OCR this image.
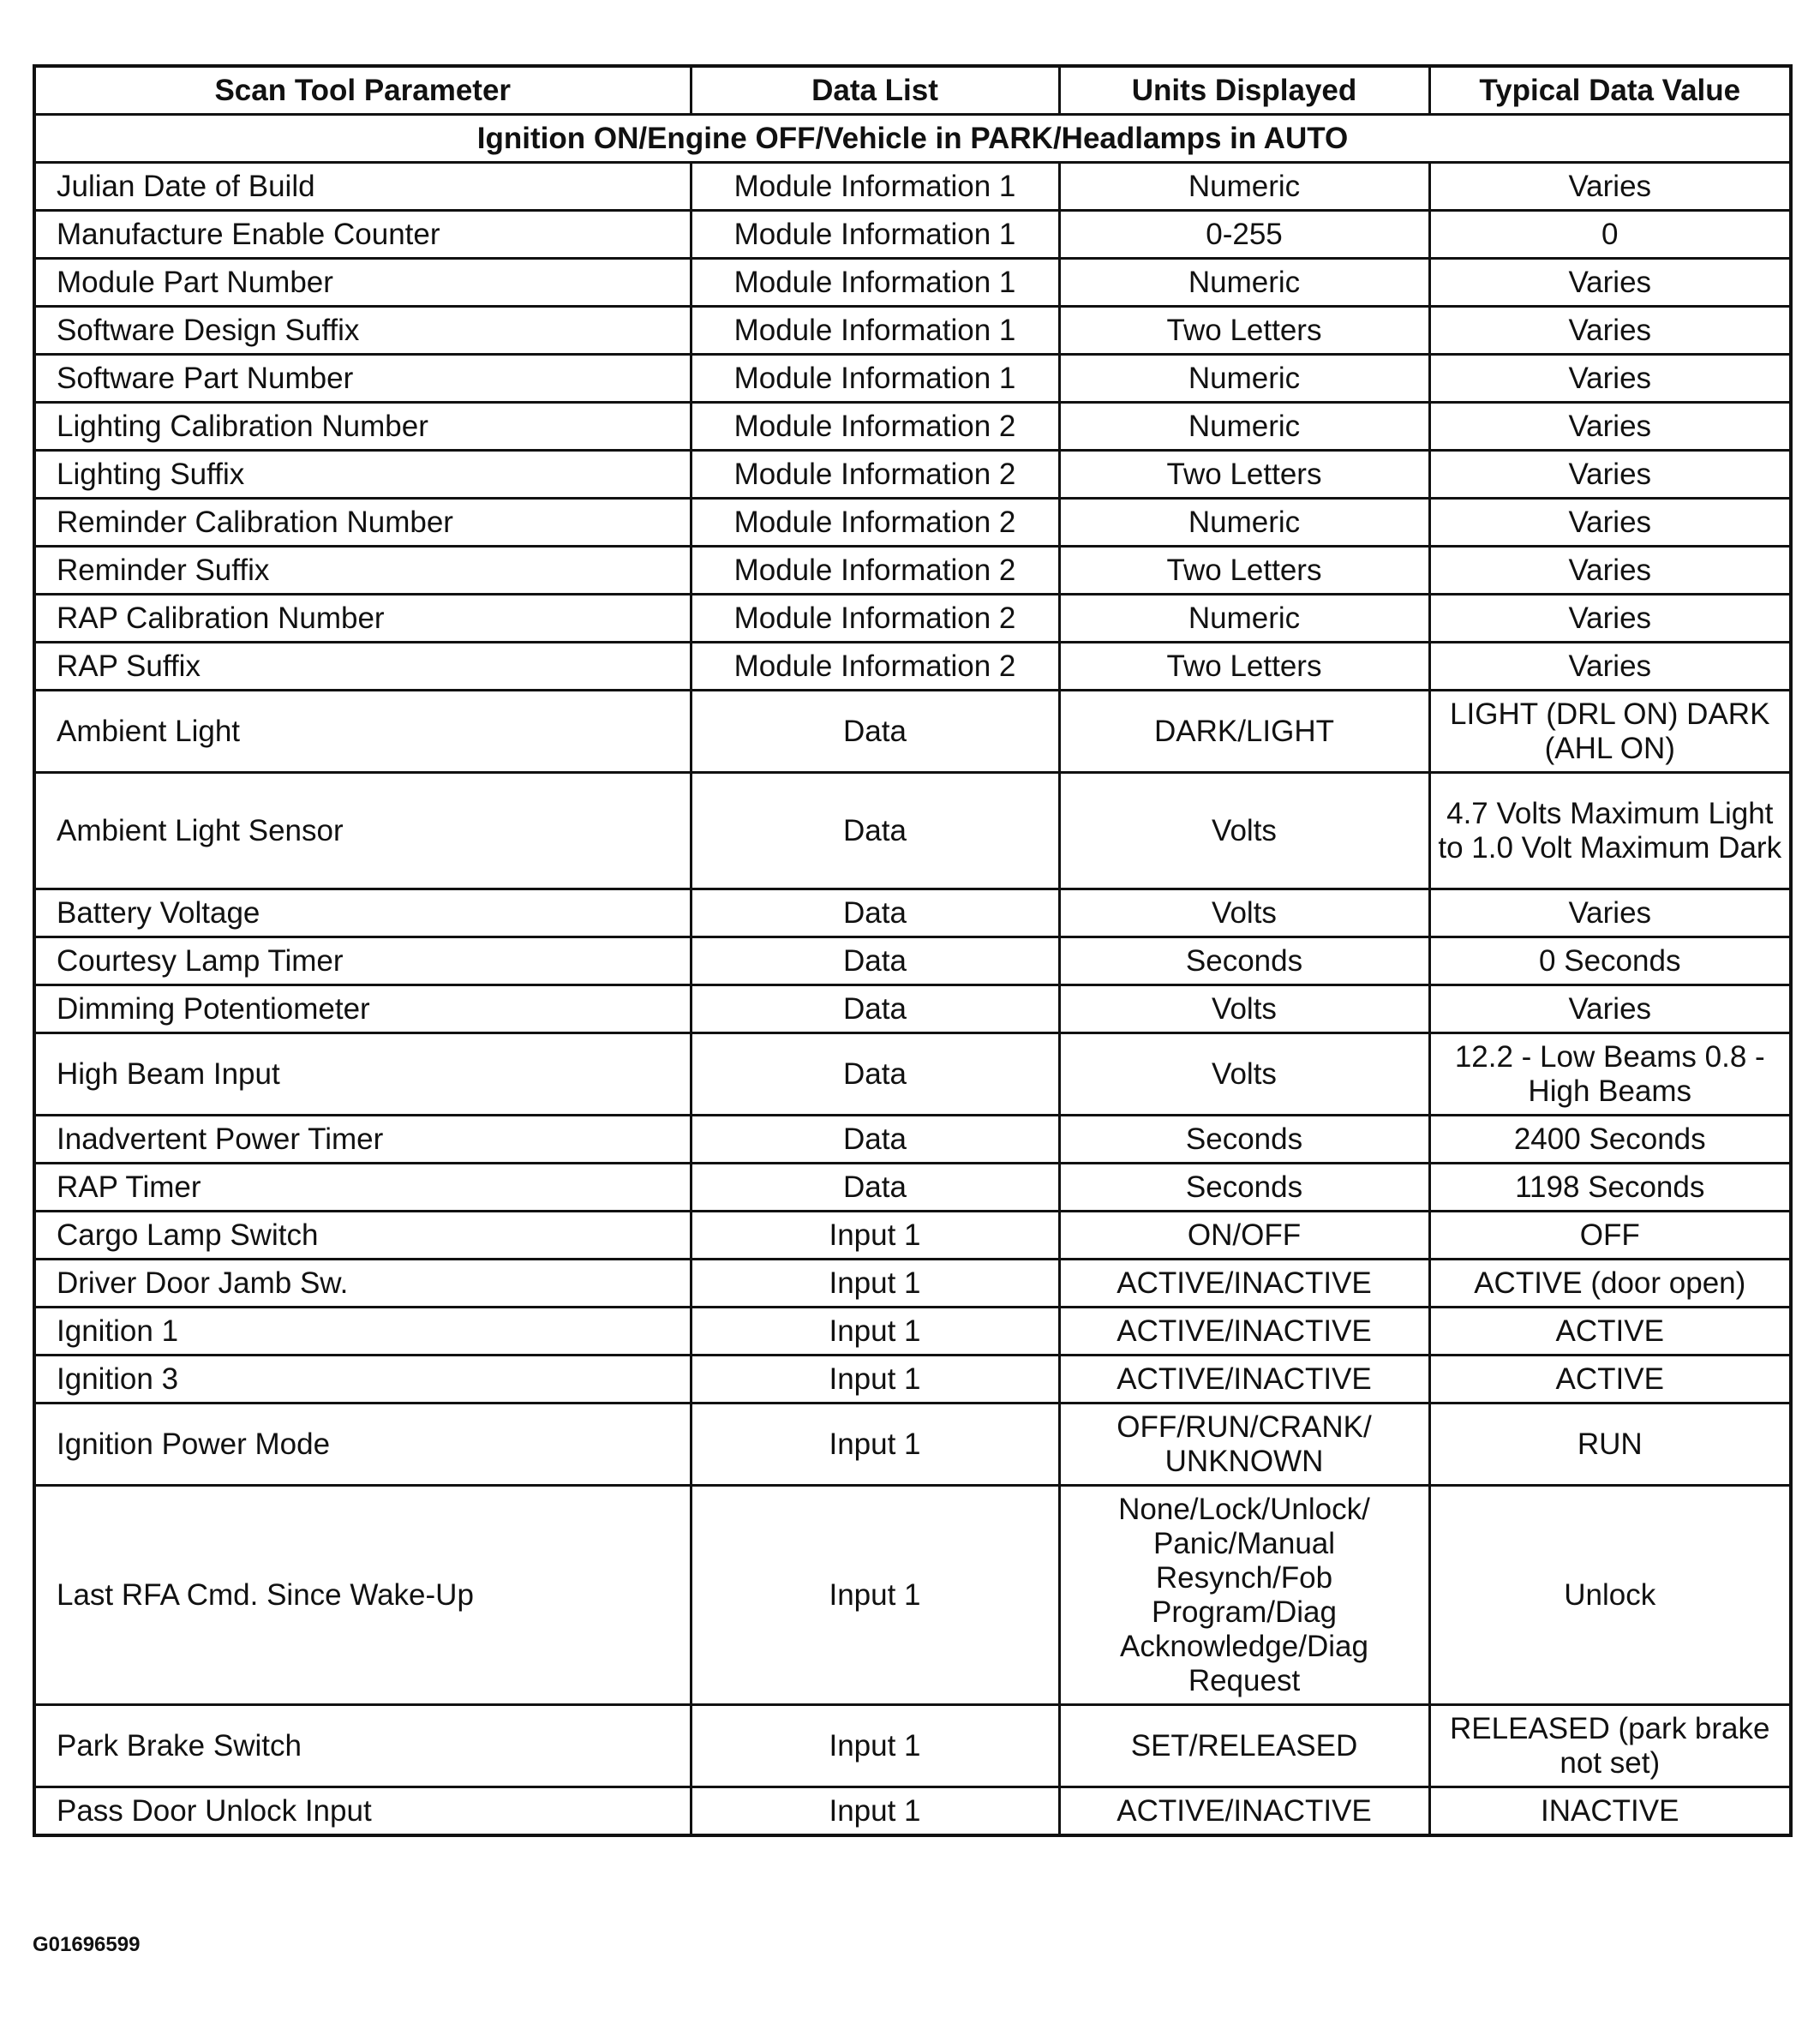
Scan Tool Parameter	Data List	Units Displayed	Typical Data Value
Ignition ON/Engine OFF/Vehicle in PARK/Headlamps in AUTO			
Julian Date of Build	Module Information 1	Numeric	Varies
Manufacture Enable Counter	Module Information 1	0-255	0
Module Part Number	Module Information 1	Numeric	Varies
Software Design Suffix	Module Information 1	Two Letters	Varies
Software Part Number	Module Information 1	Numeric	Varies
Lighting Calibration Number	Module Information 2	Numeric	Varies
Lighting Suffix	Module Information 2	Two Letters	Varies
Reminder Calibration Number	Module Information 2	Numeric	Varies
Reminder Suffix	Module Information 2	Two Letters	Varies
RAP Calibration Number	Module Information 2	Numeric	Varies
RAP Suffix	Module Information 2	Two Letters	Varies
Ambient Light	Data	DARK/LIGHT	LIGHT (DRL ON) DARK (AHL ON)
Ambient Light Sensor	Data	Volts	4.7 Volts Maximum Light to 1.0 Volt Maximum Dark
Battery Voltage	Data	Volts	Varies
Courtesy Lamp Timer	Data	Seconds	0 Seconds
Dimming Potentiometer	Data	Volts	Varies
High Beam Input	Data	Volts	12.2 - Low Beams 0.8 - High Beams
Inadvertent Power Timer	Data	Seconds	2400 Seconds
RAP Timer	Data	Seconds	1198 Seconds
Cargo Lamp Switch	Input 1	ON/OFF	OFF
Driver Door Jamb Sw.	Input 1	ACTIVE/INACTIVE	ACTIVE (door open)
Ignition 1	Input 1	ACTIVE/INACTIVE	ACTIVE
Ignition 3	Input 1	ACTIVE/INACTIVE	ACTIVE
Ignition Power Mode	Input 1	OFF/RUN/CRANK/ UNKNOWN	RUN
Last RFA Cmd. Since Wake-Up	Input 1	None/Lock/Unlock/ Panic/Manual Resynch/Fob Program/Diag Acknowledge/Diag Request	Unlock
Park Brake Switch	Input 1	SET/RELEASED	RELEASED (park brake not set)
Pass Door Unlock Input	Input 1	ACTIVE/INACTIVE	INACTIVE
G01696599
